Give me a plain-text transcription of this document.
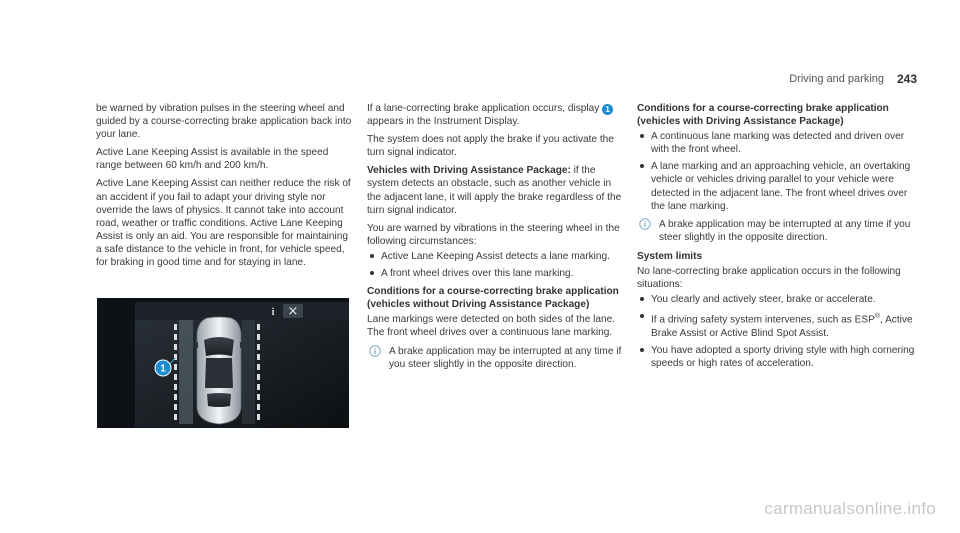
Driving and parking 243

be warned by vibration pulses in the steering wheel and guided by a course-correcting brake application back into your lane.

Active Lane Keeping Assist is available in the speed range between 60 km/h and 200 km/h.

Active Lane Keeping Assist can neither reduce the risk of an accident if you fail to adapt your driving style nor override the laws of physics. It cannot take into account road, weather or traffic conditions. Active Lane Keeping Assist is only an aid. You are responsible for maintaining a safe distance to the vehicle in front, for vehicle speed, for braking in good time and for staying in lane.

1
i ×

If a lane-correcting brake application occurs, display 1 appears in the Instrument Display.

The system does not apply the brake if you activate the turn signal indicator.

Vehicles with Driving Assistance Package: if the system detects an obstacle, such as another vehicle in the adjacent lane, it will apply the brake regardless of the turn signal indicator.

You are warned by vibrations in the steering wheel in the following circumstances:

Active Lane Keeping Assist detects a lane marking.
A front wheel drives over this lane marking.
Conditions for a course-correcting brake application (vehicles without Driving Assistance Package)

Lane markings were detected on both sides of the lane. The front wheel drives over a continuous lane marking.

A brake application may be interrupted at any time if you steer slightly in the opposite direction.
Conditions for a course-correcting brake application (vehicles with Driving Assistance Package)
A continuous lane marking was detected and driven over with the front wheel.
A lane marking and an approaching vehicle, an overtaking vehicle or vehicles driving parallel to your vehicle were detected in the adjacent lane. The front wheel drives over the lane marking.
A brake application may be interrupted at any time if you steer slightly in the opposite direction.
System limits

No lane-correcting brake application occurs in the following situations:

You clearly and actively steer, brake or accelerate.
If a driving safety system intervenes, such as ESP®, Active Brake Assist or Active Blind Spot Assist.
You have adopted a sporty driving style with high cornering speeds or high rates of acceleration.
carmanualsonline.info
